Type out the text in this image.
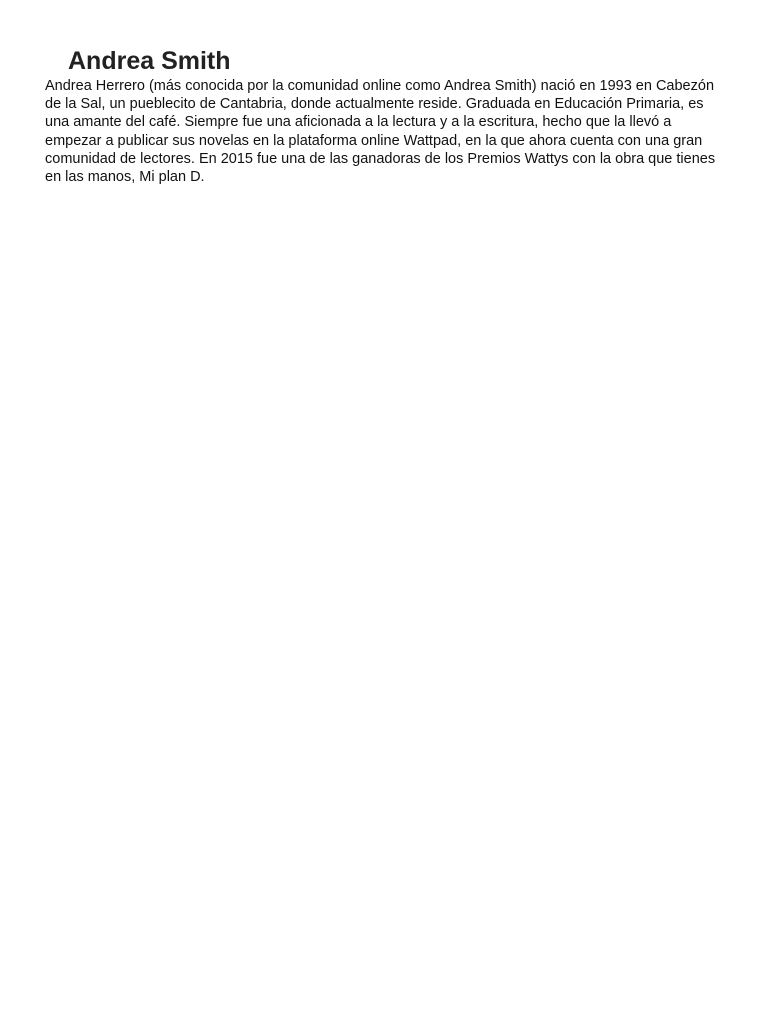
Andrea Smith

Andrea Herrero (más conocida por la comunidad online como Andrea Smith) nació en 1993 en Cabezón de la Sal, un pueblecito de Cantabria, donde actualmente reside. Graduada en Educación Primaria, es una amante del café. Siempre fue una aficionada a la lectura y a la escritura, hecho que la llevó a empezar a publicar sus novelas en la plataforma online Wattpad, en la que ahora cuenta con una gran comunidad de lectores. En 2015 fue una de las ganadoras de los Premios Wattys con la obra que tienes en las manos, Mi plan D.
